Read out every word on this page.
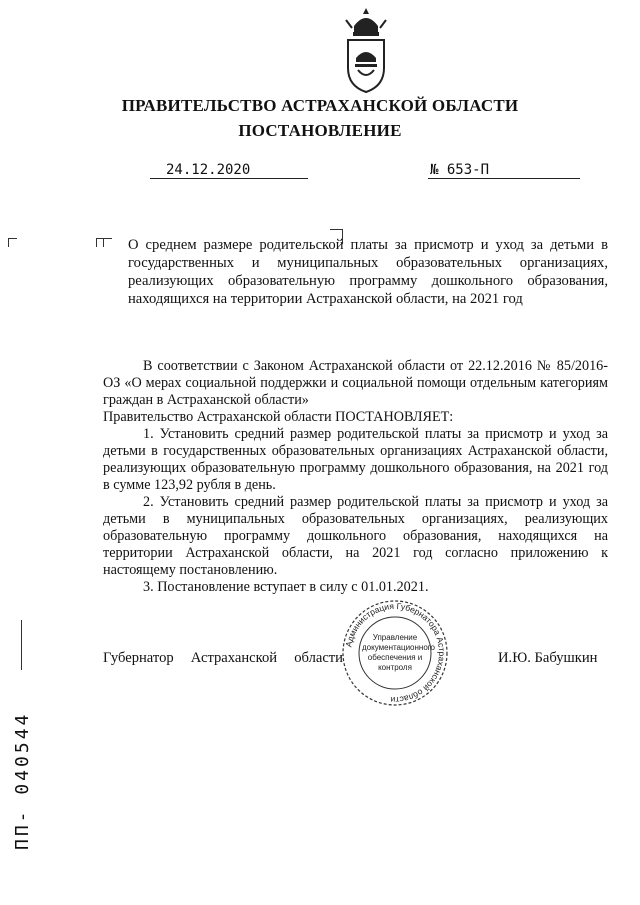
ПРАВИТЕЛЬСТВО АСТРАХАНСКОЙ ОБЛАСТИ
ПОСТАНОВЛЕНИЕ
24.12.2020	№ 653-П
О среднем размере родительской платы за присмотр и уход за детьми в государственных и муниципальных образовательных организациях, реализующих образовательную программу дошкольного образования, находящихся на территории Астраханской области, на 2021 год

В соответствии с Законом Астраханской области от 22.12.2016 № 85/2016-ОЗ «О мерах социальной поддержки и социальной помощи отдельным категориям граждан в Астраханской области»

Правительство Астраханской области ПОСТАНОВЛЯЕТ:

1. Установить средний размер родительской платы за присмотр и уход за детьми в государственных образовательных организациях Астраханской области, реализующих образовательную программу дошкольного образования, на 2021 год в сумме 123,92 рубля в день.

2. Установить средний размер родительской платы за присмотр и уход за детьми в муниципальных образовательных организациях, реализующих образовательную программу дошкольного образования, находящихся на территории Астраханской области, на 2021 год согласно приложению к настоящему постановлению.

3. Постановление вступает в силу с 01.01.2021.

Губернатор Астраханской области	И.Ю. Бабушкин
Администрация Губернатора Астраханской области
Управление документационного обеспечения и контроля
ПП- 040544
